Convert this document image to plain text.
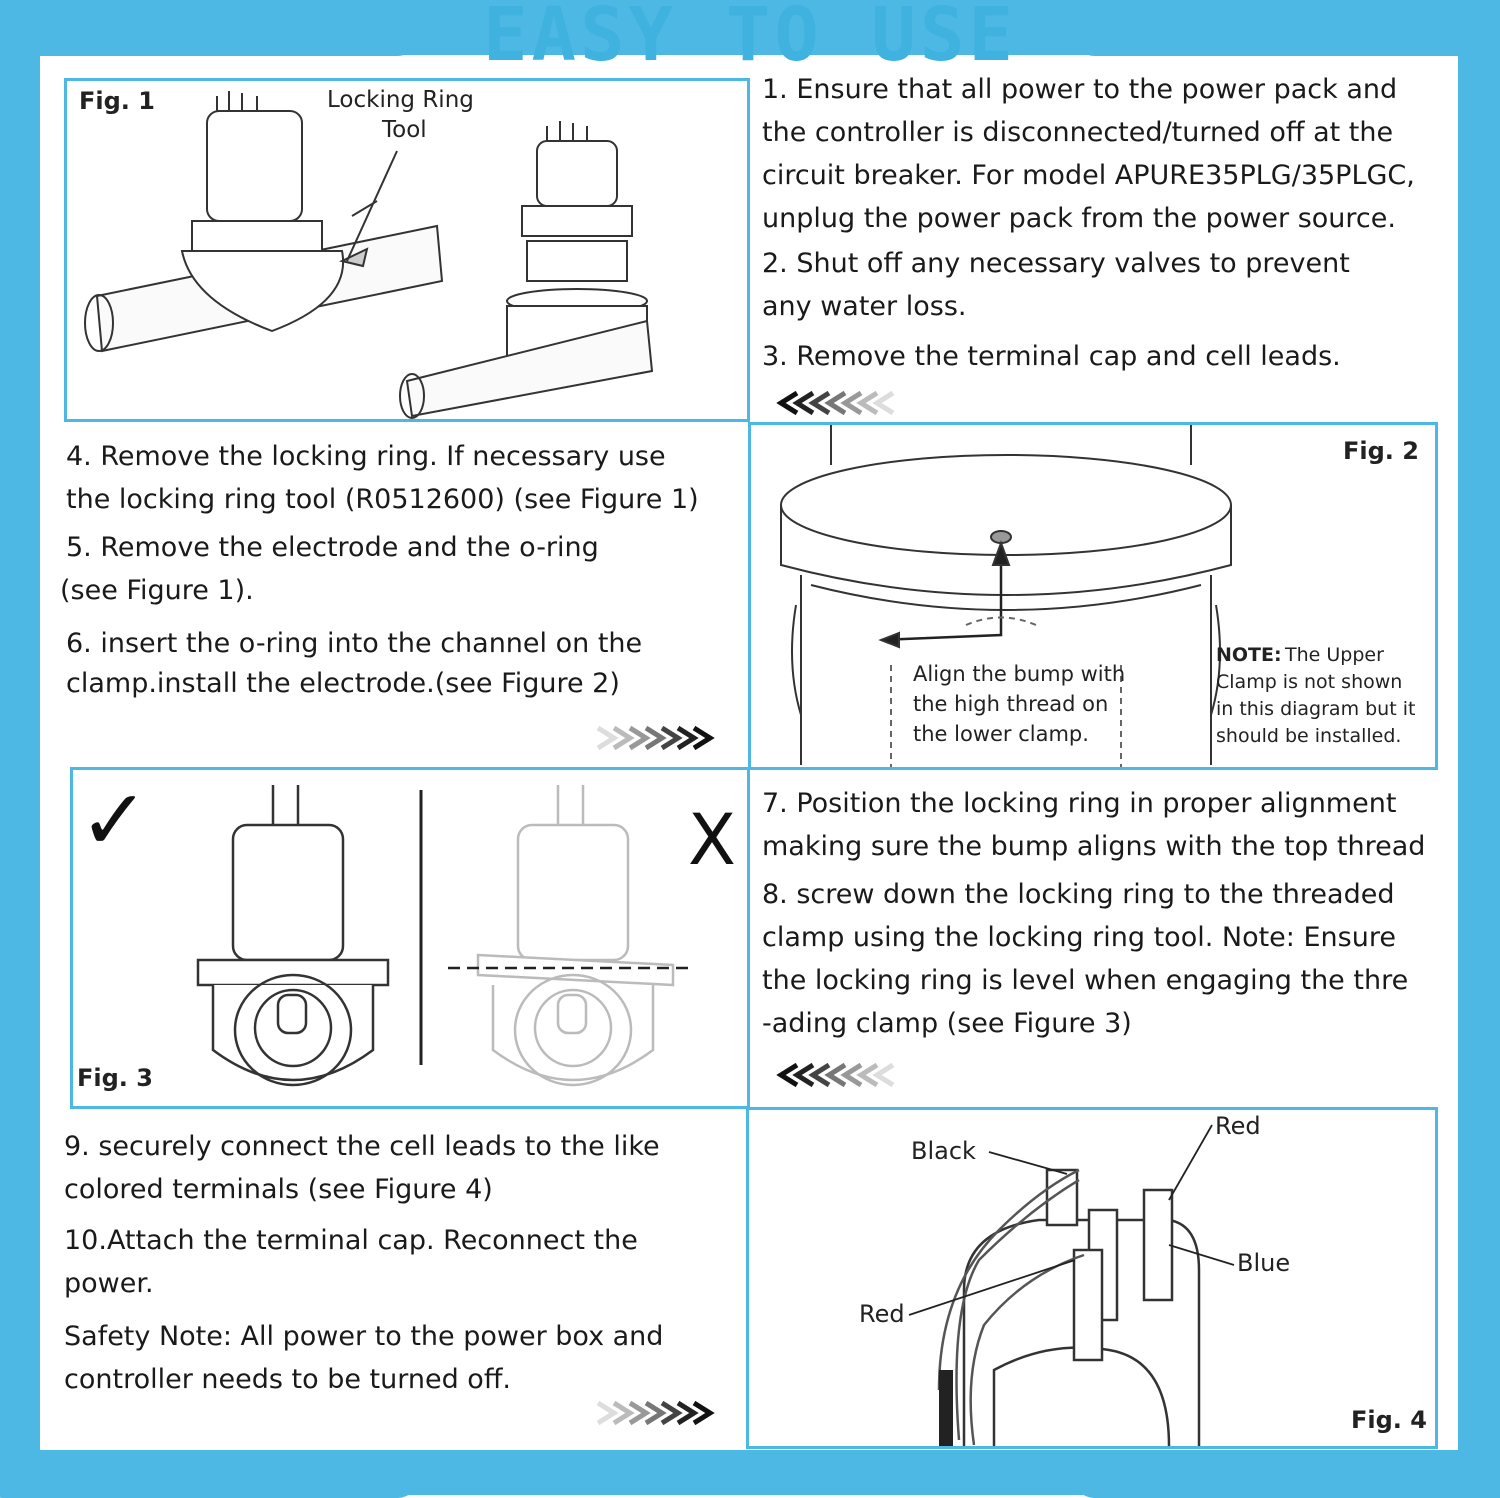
EASY TO USE
Fig. 1	Locking Ring
Tool
1. Ensure that all power to the power pack and
the controller is disconnected/turned off at the
circuit breaker. For model APURE35PLG/35PLGC,
unplug the power pack from the power source.
2. Shut off any necessary valves to prevent
any water loss.
3. Remove the terminal cap and cell leads.
4. Remove the locking ring. If necessary use
the locking ring tool (R0512600) (see Figure 1)
5. Remove the electrode and the o-ring
(see Figure 1).
6. insert the o-ring into the channel on the
clamp.install the electrode.(see Figure 2)
Fig. 2
Align the bump with
the high thread on
the lower clamp.
NOTE: The Upper
Clamp is not shown
in this diagram but it
should be installed.
✓	X
Fig. 3
7. Position the locking ring in proper alignment
making sure the bump aligns with the top thread
8. screw down the locking ring to the threaded
clamp using the locking ring tool. Note: Ensure
the locking ring is level when engaging the thre
-ading clamp (see Figure 3)
9. securely connect the cell leads to the like
colored terminals (see Figure 4)
10.Attach the terminal cap. Reconnect the
power.
Safety Note: All power to the power box and
controller needs to be turned off.
Black
Red
Blue
Red
Fig. 4
